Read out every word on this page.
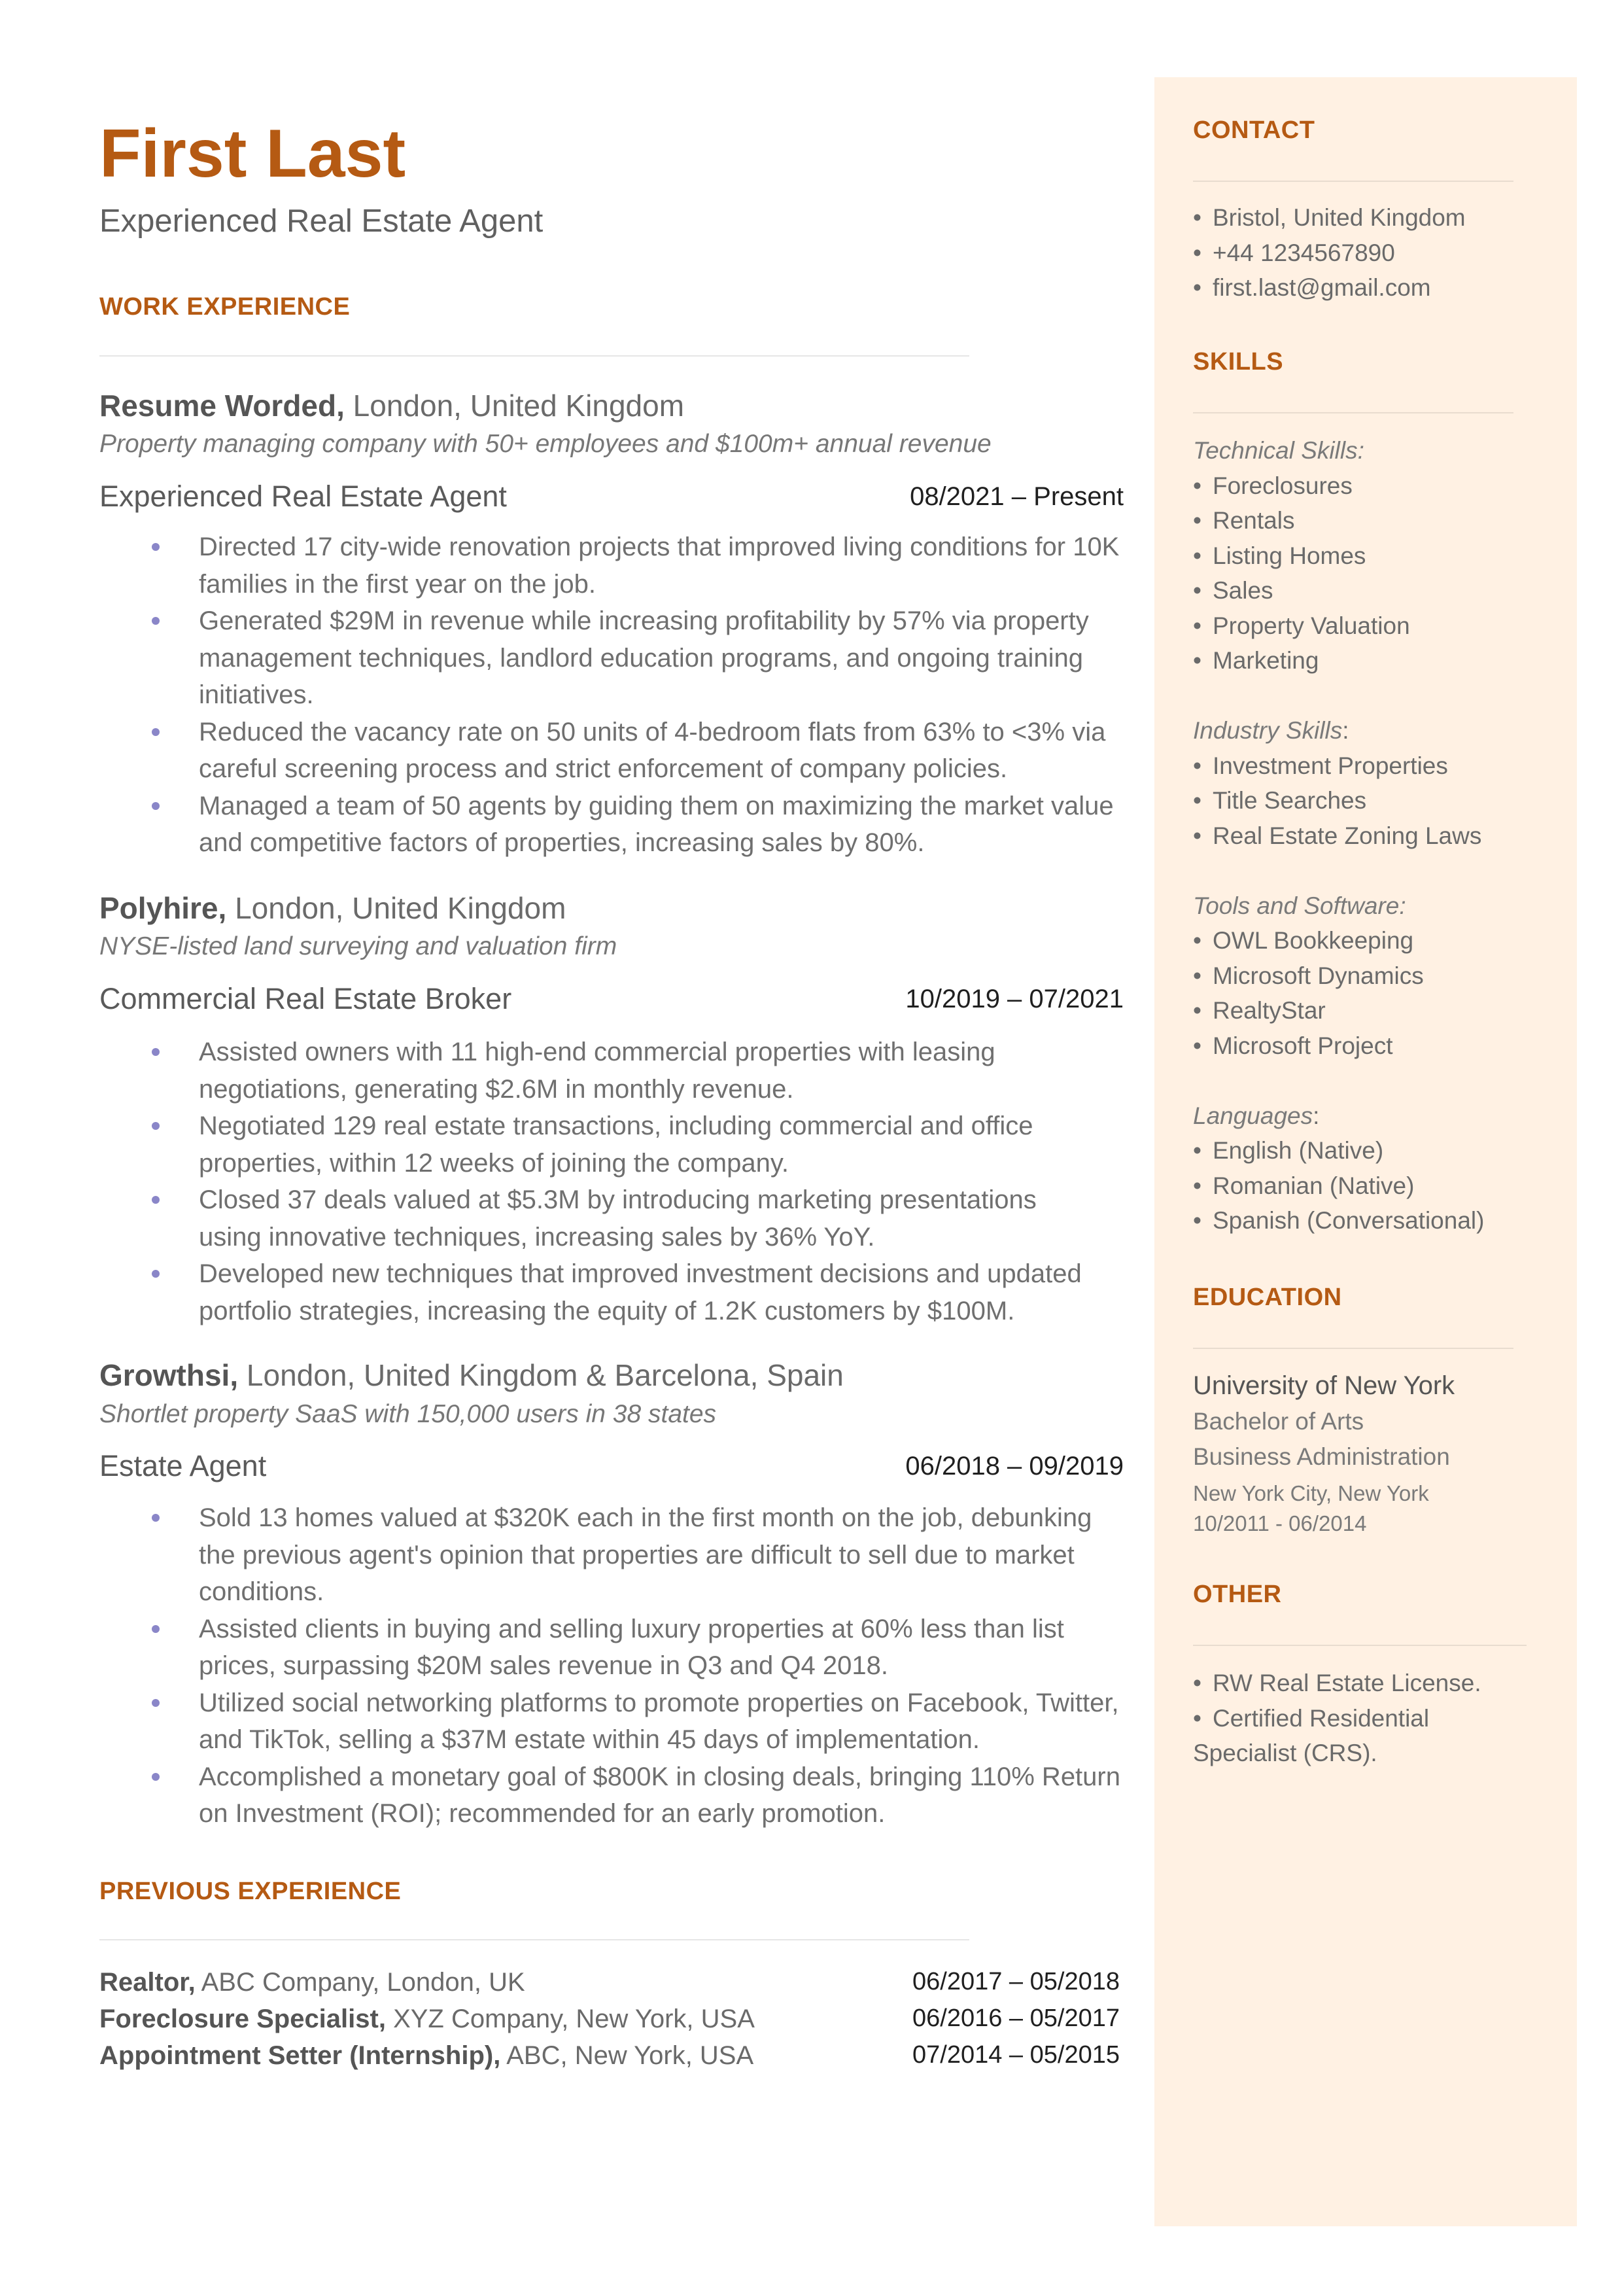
First Last
Experienced Real Estate Agent
WORK EXPERIENCE
Resume Worded, London, United Kingdom
Property managing company with 50+ employees and $100m+ annual revenue
Experienced Real Estate Agent	08/2021 – Present
Directed 17 city-wide renovation projects that improved living conditions for 10K families in the first year on the job.
Generated $29M in revenue while increasing profitability by 57% via property management techniques, landlord education programs, and ongoing training initiatives.
Reduced the vacancy rate on 50 units of 4-bedroom flats from 63% to <3% via careful screening process and strict enforcement of company policies.
Managed a team of 50 agents by guiding them on maximizing the market value and competitive factors of properties, increasing sales by 80%.
Polyhire, London, United Kingdom
NYSE-listed land surveying and valuation firm
Commercial Real Estate Broker	10/2019 – 07/2021
Assisted owners with 11 high-end commercial properties with leasing negotiations, generating $2.6M in monthly revenue.
Negotiated 129 real estate transactions, including commercial and office properties, within 12 weeks of joining the company.
Closed 37 deals valued at $5.3M by introducing marketing presentations using innovative techniques, increasing sales by 36% YoY.
Developed new techniques that improved investment decisions and updated portfolio strategies, increasing the equity of 1.2K customers by $100M.
Growthsi, London, United Kingdom & Barcelona, Spain
Shortlet property SaaS with 150,000 users in 38 states
Estate Agent	06/2018 – 09/2019
Sold 13 homes valued at $320K each in the first month on the job, debunking the previous agent's opinion that properties are difficult to sell due to market conditions.
Assisted clients in buying and selling luxury properties at 60% less than list prices, surpassing $20M sales revenue in Q3 and Q4 2018.
Utilized social networking platforms to promote properties on Facebook, Twitter, and TikTok, selling a $37M estate within 45 days of implementation.
Accomplished a monetary goal of $800K in closing deals, bringing 110% Return on Investment (ROI); recommended for an early promotion.
PREVIOUS EXPERIENCE
Realtor, ABC Company, London, UK	06/2017 – 05/2018
Foreclosure Specialist, XYZ Company, New York, USA	06/2016 – 05/2017
Appointment Setter (Internship), ABC, New York, USA	07/2014 – 05/2015
CONTACT
• Bristol, United Kingdom
• +44 1234567890
• first.last@gmail.com
SKILLS
Technical Skills:
• Foreclosures
• Rentals
• Listing Homes
• Sales
• Property Valuation
• Marketing

Industry Skills:
• Investment Properties
• Title Searches
• Real Estate Zoning Laws

Tools and Software:
• OWL Bookkeeping
• Microsoft Dynamics
• RealtyStar
• Microsoft Project

Languages:
• English (Native)
• Romanian (Native)
• Spanish (Conversational)
EDUCATION
University of New York
Bachelor of Arts
Business Administration
New York City, New York
10/2011 - 06/2014
OTHER
• RW Real Estate License.
• Certified Residential
Specialist (CRS).
